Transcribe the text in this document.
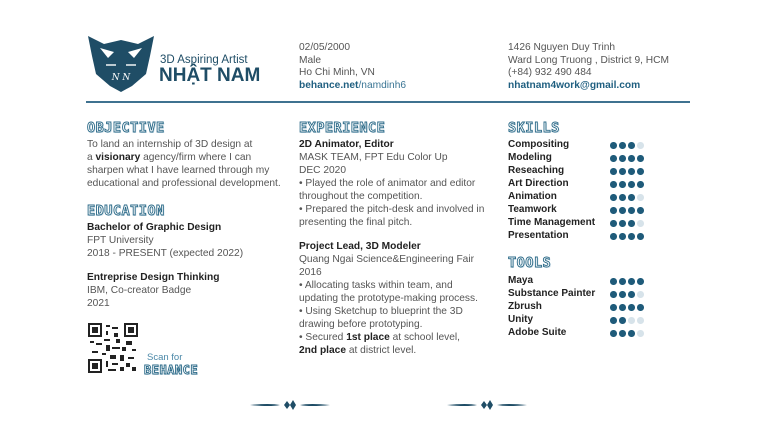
N N
3D Aspiring Artist
NHẬT NAM
02/05/2000
Male
Ho Chi Minh, VN
behance.net/namdinh6
1426 Nguyen Duy Trinh
Ward Long Truong , District 9, HCM
(+84) 932 490 484
nhatnam4work@gmail.com
OBJECTIVE
To land an internship of 3D design at
a visionary agency/firm where I can
sharpen what I have learned through my
educational and professional development.
EDUCATION
Bachelor of Graphic Design
FPT University
2018 - PRESENT (expected 2022)
Entreprise Design Thinking
IBM, Co-creator Badge
2021
Scan for
BEHANCE
EXPERIENCE
2D Animator, Editor
MASK TEAM, FPT Edu Color Up
DEC 2020
• Played the role of animator and editor
throughout the competition.
• Prepared the pitch-desk and involved in
presenting the final pitch.
Project Lead, 3D Modeler
Quang Ngai Science&Engineering Fair
2016
• Allocating tasks within team, and
updating the prototype-making process.
• Using Sketchup to blueprint the 3D
drawing before prototyping.
• Secured 1st place at school level,
2nd place at district level.
SKILLS
Compositing
Modeling
Reseaching
Art Direction
Animation
Teamwork
Time Management
Presentation
TOOLS
Maya
Substance Painter
Zbrush
Unity
Adobe Suite
